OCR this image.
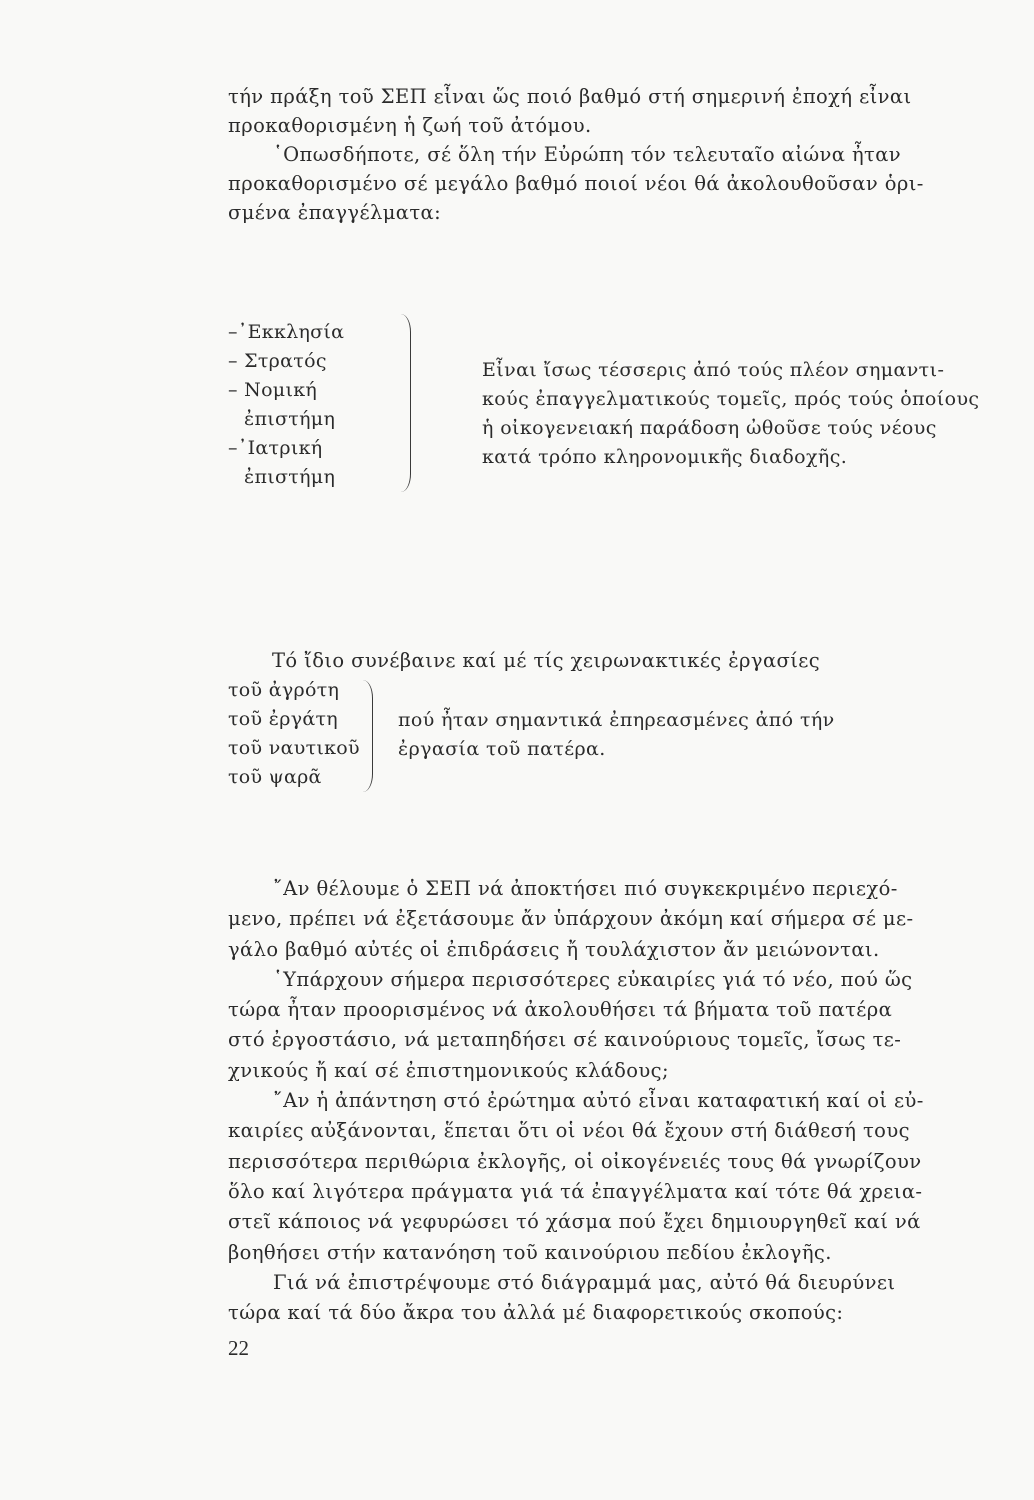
τήν πράξη τοῦ ΣΕΠ εἶναι ὥς ποιό βαθμό στή σημερινή ἐποχή εἶναι
προκαθορισμένη ἡ ζωή τοῦ ἀτόμου.
῾Οπωσδήποτε, σέ ὅλη τήν Εὐρώπη τόν τελευταῖο αἰώνα ἦταν
προκαθορισμένο σέ μεγάλο βαθμό ποιοί νέοι θά ἀκολουθοῦσαν ὁρι-
σμένα ἐπαγγέλματα:
–᾿Εκκλησία
– Στρατός
– Νομική
ἐπιστήμη
–᾿Ιατρική
ἐπιστήμη
Εἶναι ἴσως τέσσερις ἀπό τούς πλέον σημαντι-
κούς ἐπαγγελματικούς τομεῖς, πρός τούς ὁποίους
ἡ οἰκογενειακή παράδοση ὠθοῦσε τούς νέους
κατά τρόπο κληρονομικῆς διαδοχῆς.
Τό ἴδιο συνέβαινε καί μέ τίς χειρωνακτικές ἐργασίες
τοῦ ἀγρότη
τοῦ ἐργάτη
τοῦ ναυτικοῦ
τοῦ ψαρᾶ
πού ἦταν σημαντικά ἐπηρεασμένες ἀπό τήν
ἐργασία τοῦ πατέρα.
῎Αν θέλουμε ὁ ΣΕΠ νά ἀποκτήσει πιό συγκεκριμένο περιεχό-
μενο, πρέπει νά ἐξετάσουμε ἄν ὑπάρχουν ἀκόμη καί σήμερα σέ με-
γάλο βαθμό αὐτές οἱ ἐπιδράσεις ἤ τουλάχιστον ἄν μειώνονται.
῾Υπάρχουν σήμερα περισσότερες εὐκαιρίες γιά τό νέο, πού ὥς
τώρα ἦταν προορισμένος νά ἀκολουθήσει τά βήματα τοῦ πατέρα
στό ἐργοστάσιο, νά μεταπηδήσει σέ καινούριους τομεῖς, ἴσως τε-
χνικούς ἤ καί σέ ἐπιστημονικούς κλάδους;
῎Αν ἡ ἀπάντηση στό ἐρώτημα αὐτό εἶναι καταφατική καί οἱ εὐ-
καιρίες αὐξάνονται, ἕπεται ὅτι οἱ νέοι θά ἔχουν στή διάθεσή τους
περισσότερα περιθώρια ἐκλογῆς, οἱ οἰκογένειές τους θά γνωρίζουν
ὅλο καί λιγότερα πράγματα γιά τά ἐπαγγέλματα καί τότε θά χρεια-
στεῖ κάποιος νά γεφυρώσει τό χάσμα πού ἔχει δημιουργηθεῖ καί νά
βοηθήσει στήν κατανόηση τοῦ καινούριου πεδίου ἐκλογῆς.
Γιά νά ἐπιστρέψουμε στό διάγραμμά μας, αὐτό θά διευρύνει
τώρα καί τά δύο ἄκρα του ἀλλά μέ διαφορετικούς σκοπούς:
22
